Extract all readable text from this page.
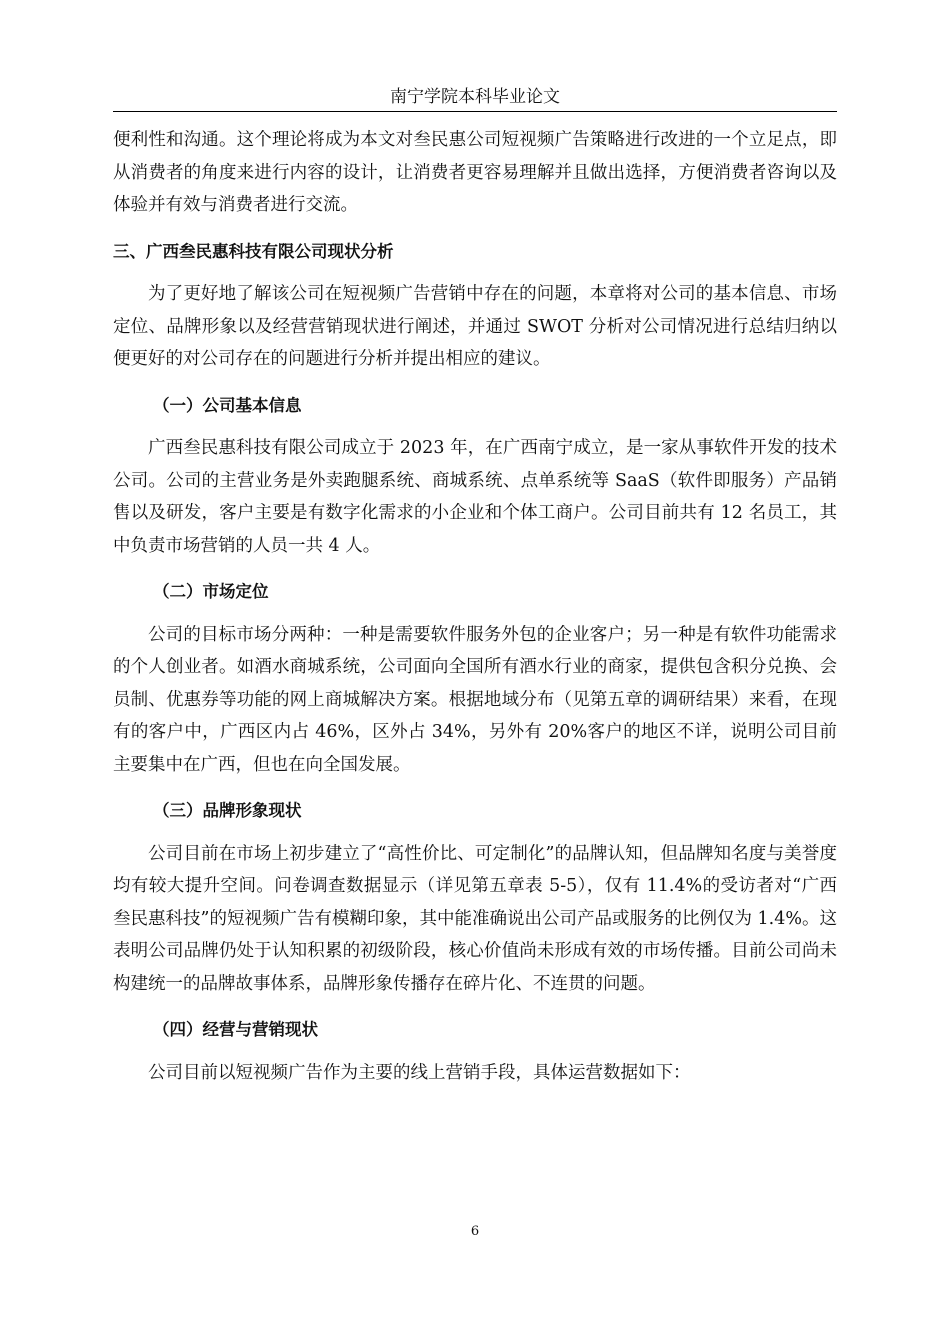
南宁学院本科毕业论文

便利性和沟通。这个理论将成为本文对叁民惠公司短视频广告策略进行改进的一个立足点，即从消费者的角度来进行内容的设计，让消费者更容易理解并且做出选择，方便消费者咨询以及体验并有效与消费者进行交流。

三、广西叁民惠科技有限公司现状分析

为了更好地了解该公司在短视频广告营销中存在的问题，本章将对公司的基本信息、市场定位、品牌形象以及经营营销现状进行阐述，并通过 SWOT 分析对公司情况进行总结归纳以便更好的对公司存在的问题进行分析并提出相应的建议。

（一）公司基本信息

广西叁民惠科技有限公司成立于 2023 年，在广西南宁成立，是一家从事软件开发的技术公司。公司的主营业务是外卖跑腿系统、商城系统、点单系统等 SaaS（软件即服务）产品销售以及研发，客户主要是有数字化需求的小企业和个体工商户。公司目前共有 12 名员工，其中负责市场营销的人员一共 4 人。

（二）市场定位

公司的目标市场分两种：一种是需要软件服务外包的企业客户；另一种是有软件功能需求的个人创业者。如酒水商城系统，公司面向全国所有酒水行业的商家，提供包含积分兑换、会员制、优惠券等功能的网上商城解决方案。根据地域分布（见第五章的调研结果）来看，在现有的客户中，广西区内占 46%，区外占 34%，另外有 20%客户的地区不详，说明公司目前主要集中在广西，但也在向全国发展。

（三）品牌形象现状

公司目前在市场上初步建立了“高性价比、可定制化”的品牌认知，但品牌知名度与美誉度均有较大提升空间。问卷调查数据显示（详见第五章表 5-5），仅有 11.4%的受访者对“广西叁民惠科技”的短视频广告有模糊印象，其中能准确说出公司产品或服务的比例仅为 1.4%。这表明公司品牌仍处于认知积累的初级阶段，核心价值尚未形成有效的市场传播。目前公司尚未构建统一的品牌故事体系，品牌形象传播存在碎片化、不连贯的问题。

（四）经营与营销现状

公司目前以短视频广告作为主要的线上营销手段，具体运营数据如下：

6
